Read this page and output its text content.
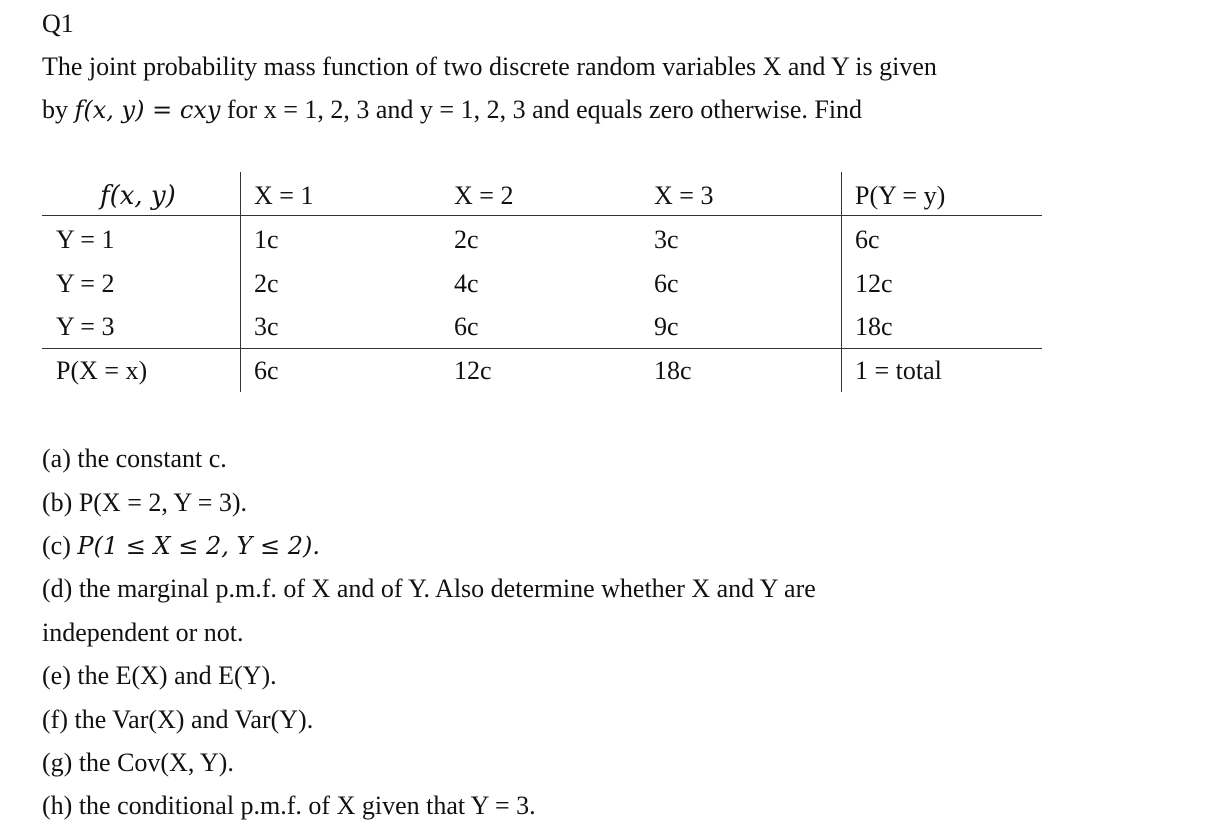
Q1
The joint probability mass function of two discrete random variables X and Y is given
by f(x, y) = cxy for x = 1, 2, 3 and y = 1, 2, 3 and equals zero otherwise. Find
f(x, y)	X = 1	X = 2	X = 3	P(Y = y)
Y = 1	1c	2c	3c	6c
Y = 2	2c	4c	6c	12c
Y = 3	3c	6c	9c	18c
P(X = x)	6c	12c	18c	1 = total
(a) the constant c.
(b) P(X = 2, Y = 3).
(c) P(1 ≤ X ≤ 2, Y ≤ 2).
(d) the marginal p.m.f. of X and of Y. Also determine whether X and Y are
independent or not.
(e) the E(X) and E(Y).
(f) the Var(X) and Var(Y).
(g) the Cov(X, Y).
(h) the conditional p.m.f. of X given that Y = 3.
